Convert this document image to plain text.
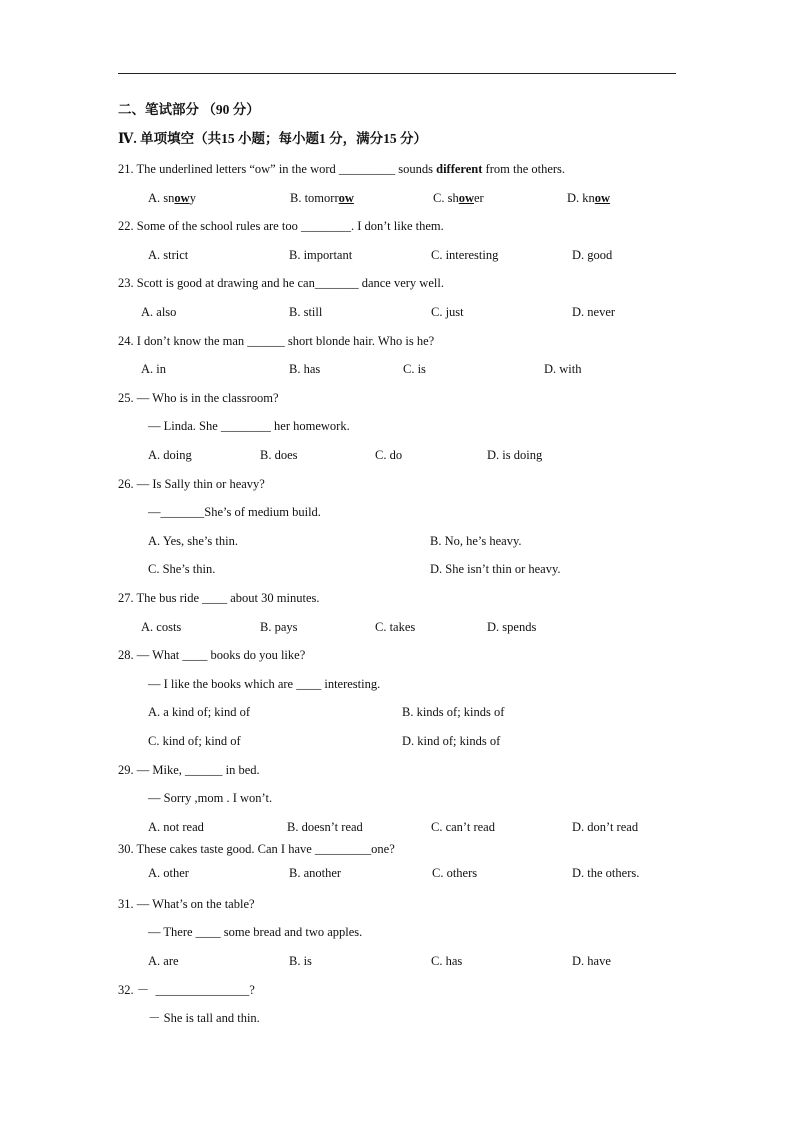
二、笔试部分 （90 分）
Ⅳ. 单项填空（共15 小题；每小题1 分，满分15 分）
21. The underlined letters “ow” in the word _________ sounds different from the others.
A. snowy	B. tomorrow	C. shower	D. know
22. Some of the school rules are too ________. I don’t like them.
A. strict	B. important	C. interesting	D. good
23. Scott is good at drawing and he can_______ dance very well.
A. also	B. still	C. just	D. never
24. I don’t know the man ______ short blonde hair. Who is he?
A. in	B. has	C. is	D. with
25. — Who is in the classroom?
— Linda. She ________ her homework.
A. doing	B. does	C. do	D. is doing
26. — Is Sally thin or heavy?
—_______She’s of medium build.
A. Yes, she’s thin.	B. No, he’s heavy.
C. She’s thin.	D. She isn’t thin or heavy.
27. The bus ride ____ about 30 minutes.
A. costs	B. pays	C. takes	D. spends
28. — What ____ books do you like?
— I like the books which are ____ interesting.
A. a kind of; kind of	B. kinds of; kinds of
C. kind of; kind of	D. kind of; kinds of
29. — Mike, ______ in bed.
— Sorry ,mom . I won’t.
A. not read	B. doesn’t read	C. can’t read	D. don’t read
30. These cakes taste good. Can I have _________one?
A. other	B. another	C. others	D. the others.
31. — What’s on the table?
— There ____ some bread and two apples.
A. are	B. is	C. has	D. have
32. － _______________?
－ She is tall and thin.
